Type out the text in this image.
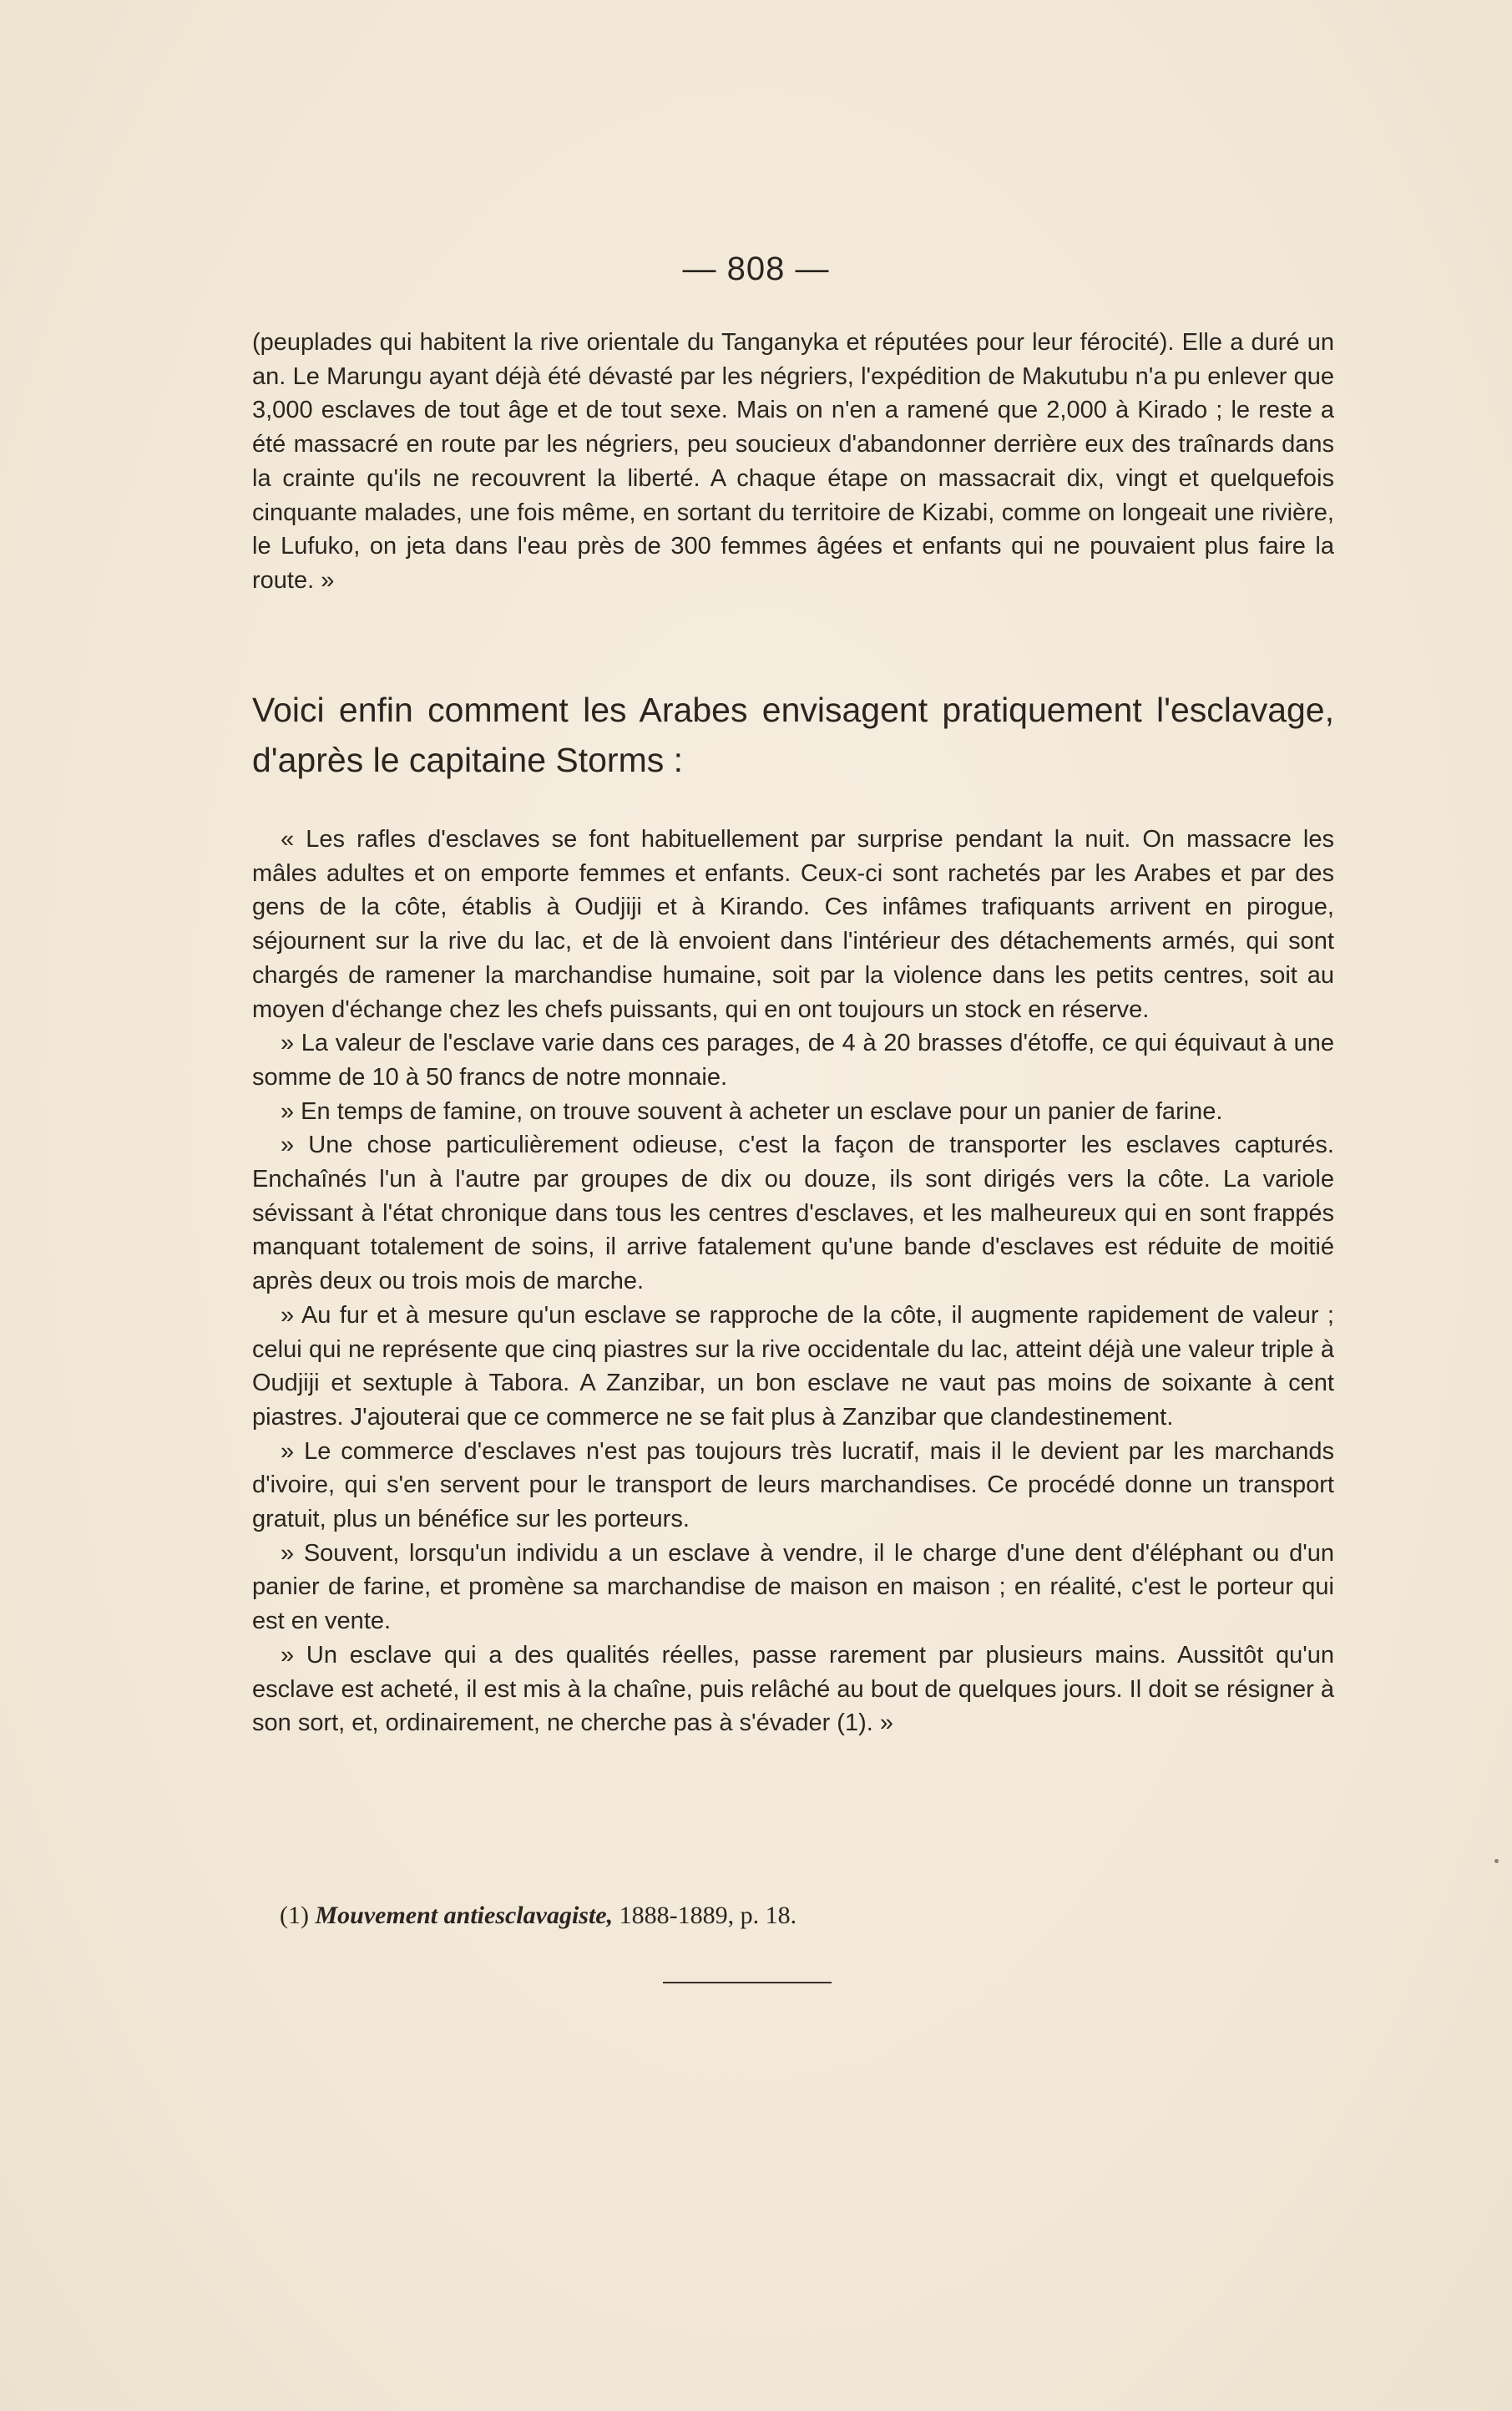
— 808 —

(peuplades qui habitent la rive orientale du Tanganyka et réputées pour leur férocité). Elle a duré un an. Le Marungu ayant déjà été dévasté par les négriers, l'expédition de Makutubu n'a pu enlever que 3,000 esclaves de tout âge et de tout sexe. Mais on n'en a ramené que 2,000 à Kirado ; le reste a été massacré en route par les négriers, peu soucieux d'abandonner derrière eux des traînards dans la crainte qu'ils ne recouvrent la liberté. A chaque étape on massacrait dix, vingt et quelquefois cinquante malades, une fois même, en sortant du territoire de Kizabi, comme on longeait une rivière, le Lufuko, on jeta dans l'eau près de 300 femmes âgées et enfants qui ne pouvaient plus faire la route. »

Voici enfin comment les Arabes envisagent pratiquement l'esclavage, d'après le capitaine Storms :

« Les rafles d'esclaves se font habituellement par surprise pendant la nuit. On massacre les mâles adultes et on emporte femmes et enfants. Ceux-ci sont rachetés par les Arabes et par des gens de la côte, établis à Oudjiji et à Kirando. Ces infâmes trafiquants arrivent en pirogue, séjournent sur la rive du lac, et de là envoient dans l'intérieur des détachements armés, qui sont chargés de ramener la marchandise humaine, soit par la violence dans les petits centres, soit au moyen d'échange chez les chefs puissants, qui en ont toujours un stock en réserve.

» La valeur de l'esclave varie dans ces parages, de 4 à 20 brasses d'étoffe, ce qui équivaut à une somme de 10 à 50 francs de notre monnaie.

» En temps de famine, on trouve souvent à acheter un esclave pour un panier de farine.

» Une chose particulièrement odieuse, c'est la façon de transporter les esclaves capturés. Enchaînés l'un à l'autre par groupes de dix ou douze, ils sont dirigés vers la côte. La variole sévissant à l'état chronique dans tous les centres d'esclaves, et les malheureux qui en sont frappés manquant totalement de soins, il arrive fatalement qu'une bande d'esclaves est réduite de moitié après deux ou trois mois de marche.

» Au fur et à mesure qu'un esclave se rapproche de la côte, il augmente rapidement de valeur ; celui qui ne représente que cinq piastres sur la rive occidentale du lac, atteint déjà une valeur triple à Oudjiji et sextuple à Tabora. A Zanzibar, un bon esclave ne vaut pas moins de soixante à cent piastres. J'ajouterai que ce commerce ne se fait plus à Zanzibar que clandestinement.

» Le commerce d'esclaves n'est pas toujours très lucratif, mais il le devient par les marchands d'ivoire, qui s'en servent pour le transport de leurs marchandises. Ce procédé donne un transport gratuit, plus un bénéfice sur les porteurs.

» Souvent, lorsqu'un individu a un esclave à vendre, il le charge d'une dent d'éléphant ou d'un panier de farine, et promène sa marchandise de maison en maison ; en réalité, c'est le porteur qui est en vente.

» Un esclave qui a des qualités réelles, passe rarement par plusieurs mains. Aussitôt qu'un esclave est acheté, il est mis à la chaîne, puis relâché au bout de quelques jours. Il doit se résigner à son sort, et, ordinairement, ne cherche pas à s'évader (1). »

(1) Mouvement antiesclavagiste, 1888-1889, p. 18.
